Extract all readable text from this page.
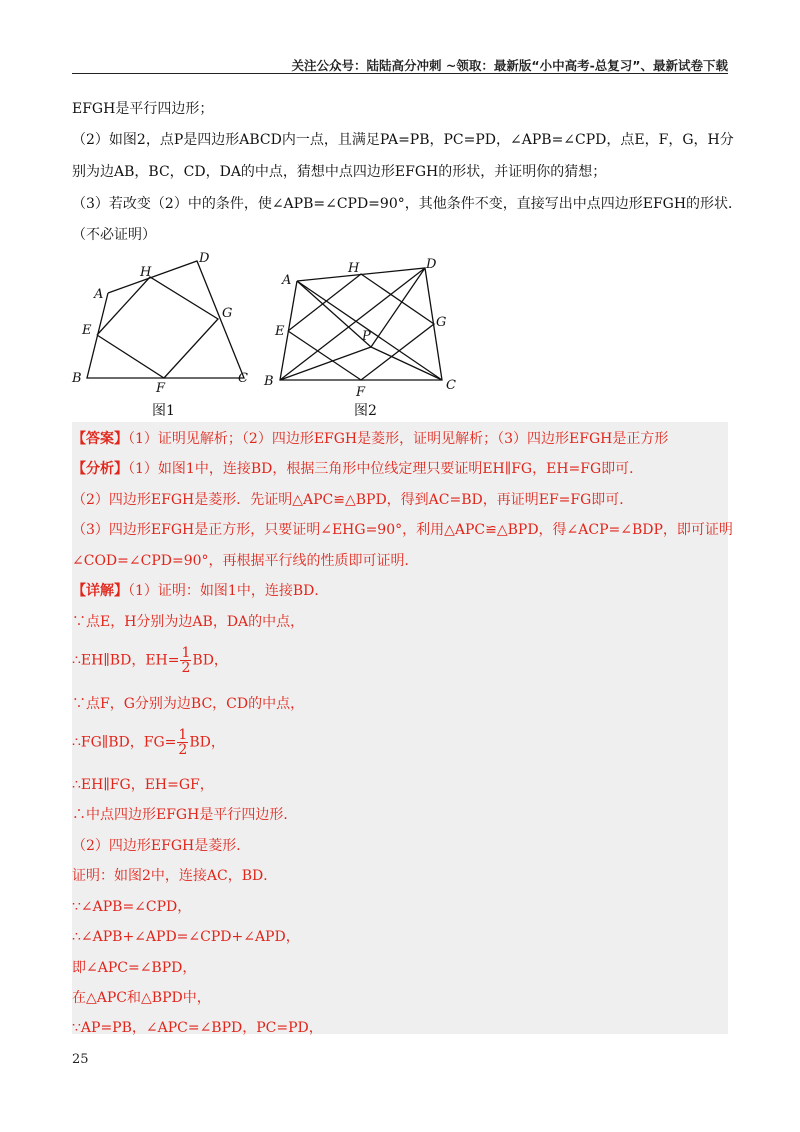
关注公众号：陆陆高分冲刺 ~领取：最新版“小中高考-总复习”、最新试卷下载
EFGH是平行四边形；
（2）如图2，点P是四边形ABCD内一点，且满足PA=PB，PC=PD，∠APB=∠CPD，点E，F，G，H分
别为边AB，BC，CD，DA的中点，猜想中点四边形EFGH的形状，并证明你的猜想；
（3）若改变（2）中的条件，使∠APB=∠CPD=90°，其他条件不变，直接写出中点四边形EFGH的形状．
（不必证明）
A
B	C
D
E
F
G
H
A
B	C
D
E
F
G
H
P
图1	图2
【答案】（1）证明见解析；（2）四边形EFGH是菱形，证明见解析；（3）四边形EFGH是正方形
【分析】（1）如图1中，连接BD，根据三角形中位线定理只要证明EH∥FG，EH=FG即可．
（2）四边形EFGH是菱形．先证明△APC≌△BPD，得到AC=BD，再证明EF=FG即可．
（3）四边形EFGH是正方形，只要证明∠EHG=90°，利用△APC≌△BPD，得∠ACP=∠BDP，即可证明
∠COD=∠CPD=90°，再根据平行线的性质即可证明．
【详解】（1）证明：如图1中，连接BD．
∵点E，H分别为边AB，DA的中点，
∴EH∥BD，$EH= \frac{1}{2}$ BD，
∵点F，G分别为边BC，CD的中点，
∴FG∥BD，$FG= \frac{1}{2}$ BD，
∴EH∥FG，EH=GF，
∴中点四边形EFGH是平行四边形．
（2）四边形EFGH是菱形．
证明：如图2中，连接AC，BD．
∵∠APB=∠CPD，
∴∠APB+∠APD=∠CPD+∠APD，
即∠APC=∠BPD，
在△APC和△BPD中，
∵AP=PB，∠APC=∠BPD，PC=PD，
25
